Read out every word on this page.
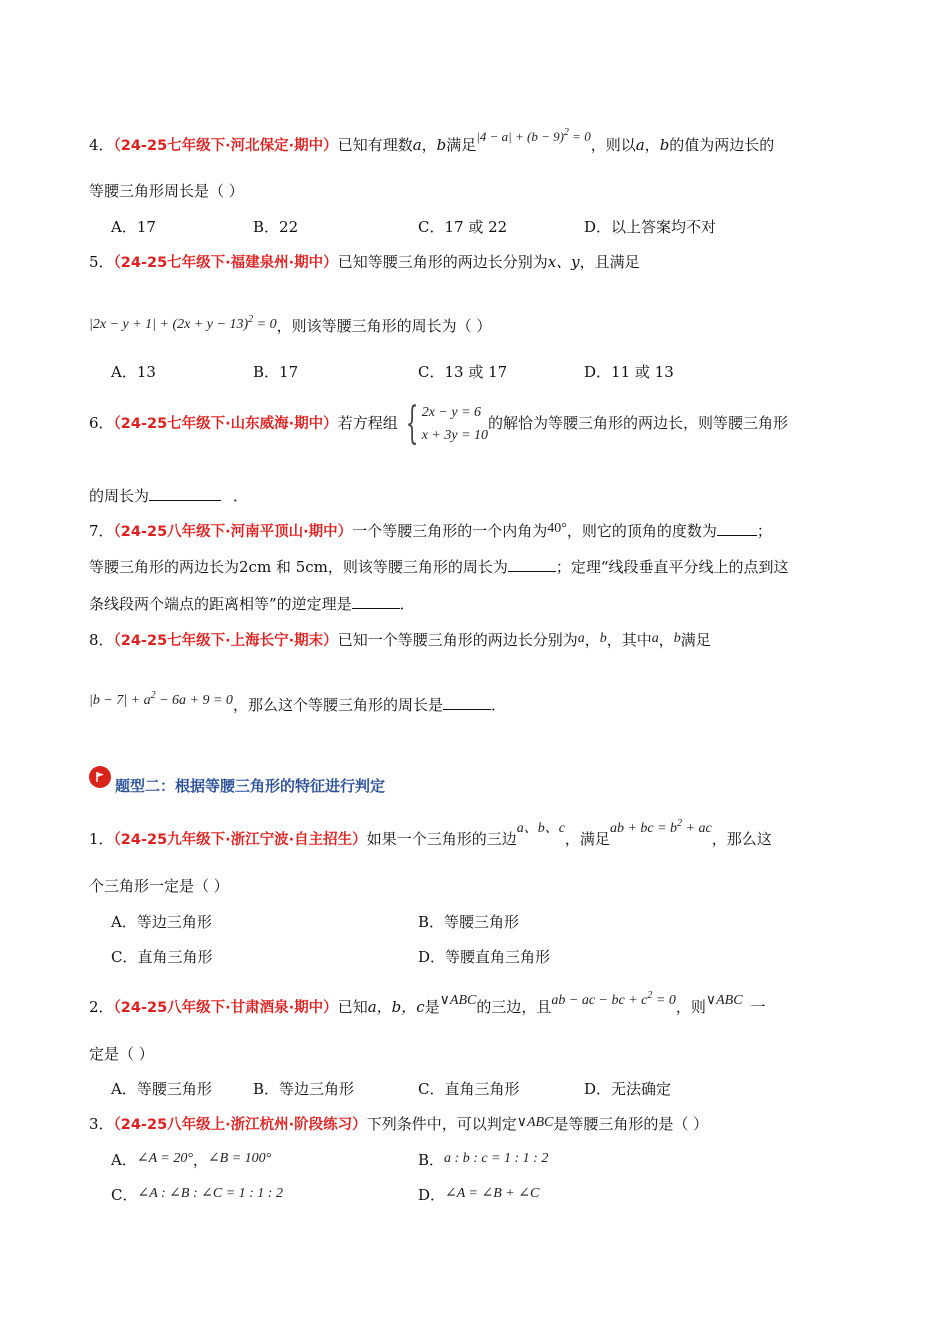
4．（24-25七年级下·河北保定·期中）已知有理数a，b满足$|4 - a| + (b - 9)^2 = 0$，则以a，b的值为两边长的
等腰三角形周长是（ ）
A．17	B．22	C．17 或 22	D．以上答案均不对
5．（24-25七年级下·福建泉州·期中）已知等腰三角形的两边长分别为x、y，且满足
$|2x - y + 1| + (2x + y - 13)^2 = 0$，则该等腰三角形的周长为（ ）
A．13	B．17	C．13 或 17	D．11 或 13
6．（24-25七年级下·山东威海·期中）若方程组 { 2x − y = 6
x + 3y = 10
的解恰为等腰三角形的两边长，则等腰三角形
的周长为	．
7．（24-25八年级下·河南平顶山·期中）一个等腰三角形的一个内角为40°，则它的顶角的度数为	；
等腰三角形的两边长为2cm 和 5cm，则该等腰三角形的周长为	；定理“线段垂直平分线上的点到这
条线段两个端点的距离相等”的逆定理是	．
8．（24-25七年级下·上海长宁·期末）已知一个等腰三角形的两边长分别为a，b，其中a，b满足
$|b - 7| + a^2 - 6a + 9 = 0$，那么这个等腰三角形的周长是	．
题型二：根据等腰三角形的特征进行判定
1．（24-25九年级下·浙江宁波·自主招生）如果一个三角形的三边a、b、c，满足ab + bc = $b^2$ + ac，那么这
个三角形一定是（ ）
A．等边三角形	B．等腰三角形
C．直角三角形	D．等腰直角三角形
2．（24-25八年级下·甘肃酒泉·期中）已知a，b，c是∨ABC的三边，且ab − ac − bc + $c^2 = 0$，则∨ABC 一
定是（ ）
A．等腰三角形	B．等边三角形	C．直角三角形	D．无法确定
3．（24-25八年级上·浙江杭州·阶段练习）下列条件中，可以判定∨ABC是等腰三角形的是（ ）
A．∠A = 20°，∠B = 100°	B．a : b : c = 1 : 1 : 2
C．∠A : ∠B : ∠C = 1 : 1 : 2	D．∠A = ∠B + ∠C
